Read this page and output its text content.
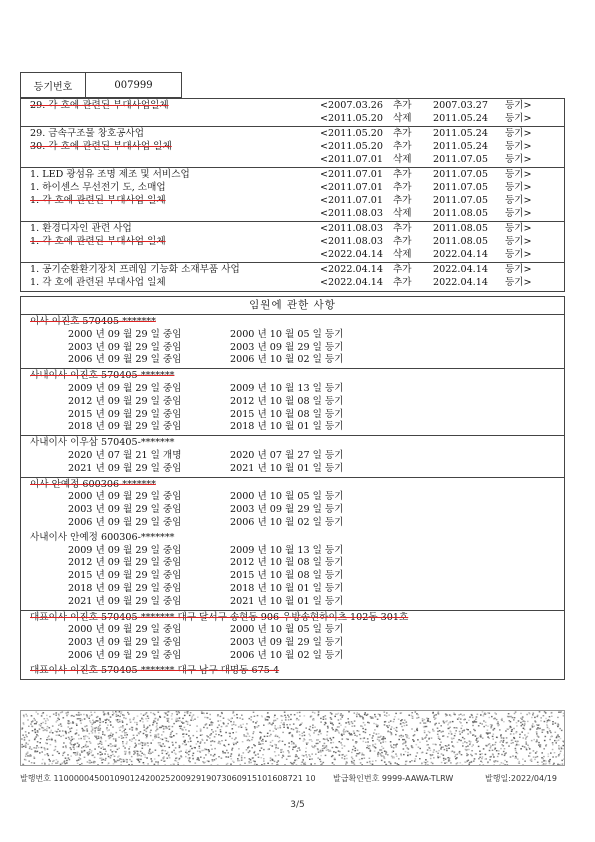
등기번호	007999
29. 각 호에 관련된 부대사업일체	<2007.03.26 추가 2007.03.27 등기>
<2011.05.20 삭제 2011.05.24 등기>
29. 금속구조물 창호공사업	<2011.05.20 추가 2011.05.24 등기>
30. 각 호에 관련된 부대사업 일체	<2011.05.20 추가 2011.05.24 등기>
<2011.07.01 삭제 2011.07.05 등기>
1. LED 광섬유 조명 제조 및 서비스업	<2011.07.01 추가 2011.07.05 등기>
1. 하이센스 무선전기 도, 소매업	<2011.07.01 추가 2011.07.05 등기>
1. 각 호에 관련된 부대사업 일체	<2011.07.01 추가 2011.07.05 등기>
<2011.08.03 삭제 2011.08.05 등기>
1. 환경디자인 관련 사업	<2011.08.03 추가 2011.08.05 등기>
1. 각 호에 관련된 부대사업 일체	<2011.08.03 추가 2011.08.05 등기>
<2022.04.14 삭제 2022.04.14 등기>
1. 공기순환환기장치 프레임 기능화 소재부품 사업	<2022.04.14 추가 2022.04.14 등기>
1. 각 호에 관련된 부대사업 일체	<2022.04.14 추가 2022.04.14 등기>
임원에 관한 사항
이사 이진호 570405-*******
2000 년 09 월 29 일 중임	2000 년 10 월 05 일 등기
2003 년 09 월 29 일 중임	2003 년 09 월 29 일 등기
2006 년 09 월 29 일 중임	2006 년 10 월 02 일 등기
사내이사 이진호 570405-*******
2009 년 09 월 29 일 중임	2009 년 10 월 13 일 등기
2012 년 09 월 29 일 중임	2012 년 10 월 08 일 등기
2015 년 09 월 29 일 중임	2015 년 10 월 08 일 등기
2018 년 09 월 29 일 중임	2018 년 10 월 01 일 등기
사내이사 이우삼 570405-*******
2020 년 07 월 21 일 개명	2020 년 07 월 27 일 등기
2021 년 09 월 29 일 중임	2021 년 10 월 01 일 등기
이사 안예정 600306-*******
2000 년 09 월 29 일 중임	2000 년 10 월 05 일 등기
2003 년 09 월 29 일 중임	2003 년 09 월 29 일 등기
2006 년 09 월 29 일 중임	2006 년 10 월 02 일 등기
사내이사 안예정 600306-*******
2009 년 09 월 29 일 중임	2009 년 10 월 13 일 등기
2012 년 09 월 29 일 중임	2012 년 10 월 08 일 등기
2015 년 09 월 29 일 중임	2015 년 10 월 08 일 등기
2018 년 09 월 29 일 중임	2018 년 10 월 01 일 등기
2021 년 09 월 29 일 중임	2021 년 10 월 01 일 등기
대표이사 이진호 570405-******* 대구 달서구 송현동 906 우방송현하이츠 102동 301호
2000 년 09 월 29 일 중임	2000 년 10 월 05 일 등기
2003 년 09 월 29 일 중임	2003 년 09 월 29 일 등기
2006 년 09 월 29 일 중임	2006 년 10 월 02 일 등기
대표이사 이진호 570405-******* 대구 남구 대명동 675-4
발행번호 11000004500109012420025200929190730609151016087​21 10 발급확인번호 9999-AAWA-TLRW	발행일:2022/04/19
3/5
